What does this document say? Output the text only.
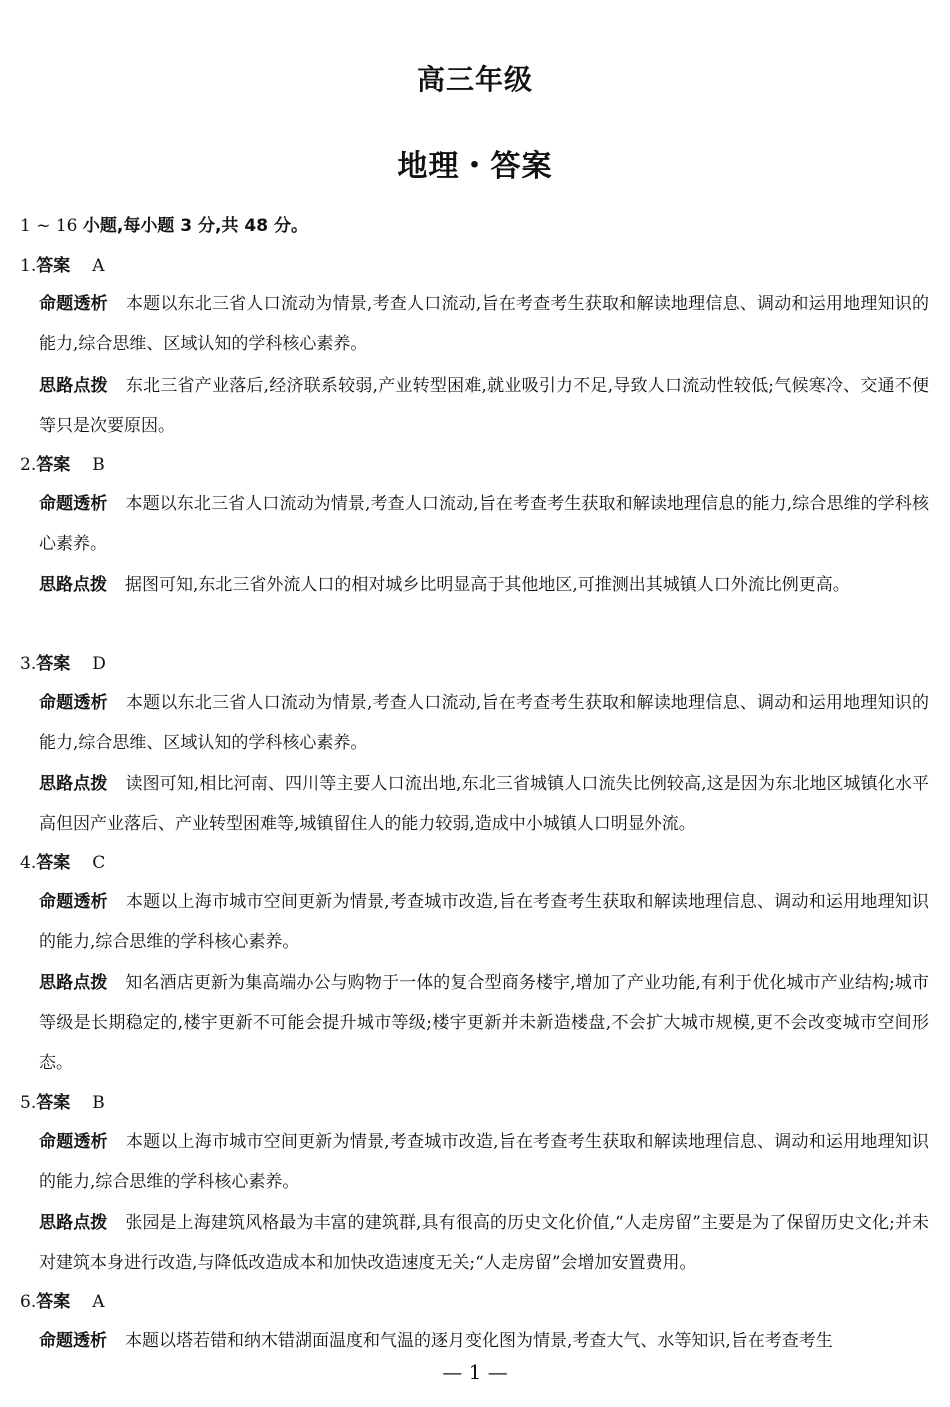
高三年级
地理・答案
1 ~ 16 小题,每小题 3 分,共 48 分。
1.答案 A
命题透析 本题以东北三省人口流动为情景,考查人口流动,旨在考查考生获取和解读地理信息、调动和运用地理知识的能力,综合思维、区域认知的学科核心素养。
思路点拨 东北三省产业落后,经济联系较弱,产业转型困难,就业吸引力不足,导致人口流动性较低;气候寒冷、交通不便等只是次要原因。
2.答案 B
命题透析 本题以东北三省人口流动为情景,考查人口流动,旨在考查考生获取和解读地理信息的能力,综合思维的学科核心素养。
思路点拨 据图可知,东北三省外流人口的相对城乡比明显高于其他地区,可推测出其城镇人口外流比例更高。
3.答案 D
命题透析 本题以东北三省人口流动为情景,考查人口流动,旨在考查考生获取和解读地理信息、调动和运用地理知识的能力,综合思维、区域认知的学科核心素养。
思路点拨 读图可知,相比河南、四川等主要人口流出地,东北三省城镇人口流失比例较高,这是因为东北地区城镇化水平高但因产业落后、产业转型困难等,城镇留住人的能力较弱,造成中小城镇人口明显外流。
4.答案 C
命题透析 本题以上海市城市空间更新为情景,考查城市改造,旨在考查考生获取和解读地理信息、调动和运用地理知识的能力,综合思维的学科核心素养。
思路点拨 知名酒店更新为集高端办公与购物于一体的复合型商务楼宇,增加了产业功能,有利于优化城市产业结构;城市等级是长期稳定的,楼宇更新不可能会提升城市等级;楼宇更新并未新造楼盘,不会扩大城市规模,更不会改变城市空间形态。
5.答案 B
命题透析 本题以上海市城市空间更新为情景,考查城市改造,旨在考查考生获取和解读地理信息、调动和运用地理知识的能力,综合思维的学科核心素养。
思路点拨 张园是上海建筑风格最为丰富的建筑群,具有很高的历史文化价值,“人走房留”主要是为了保留历史文化;并未对建筑本身进行改造,与降低改造成本和加快改造速度无关;“人走房留”会增加安置费用。
6.答案 A
命题透析 本题以塔若错和纳木错湖面温度和气温的逐月变化图为情景,考查大气、水等知识,旨在考查考生
— 1 —
